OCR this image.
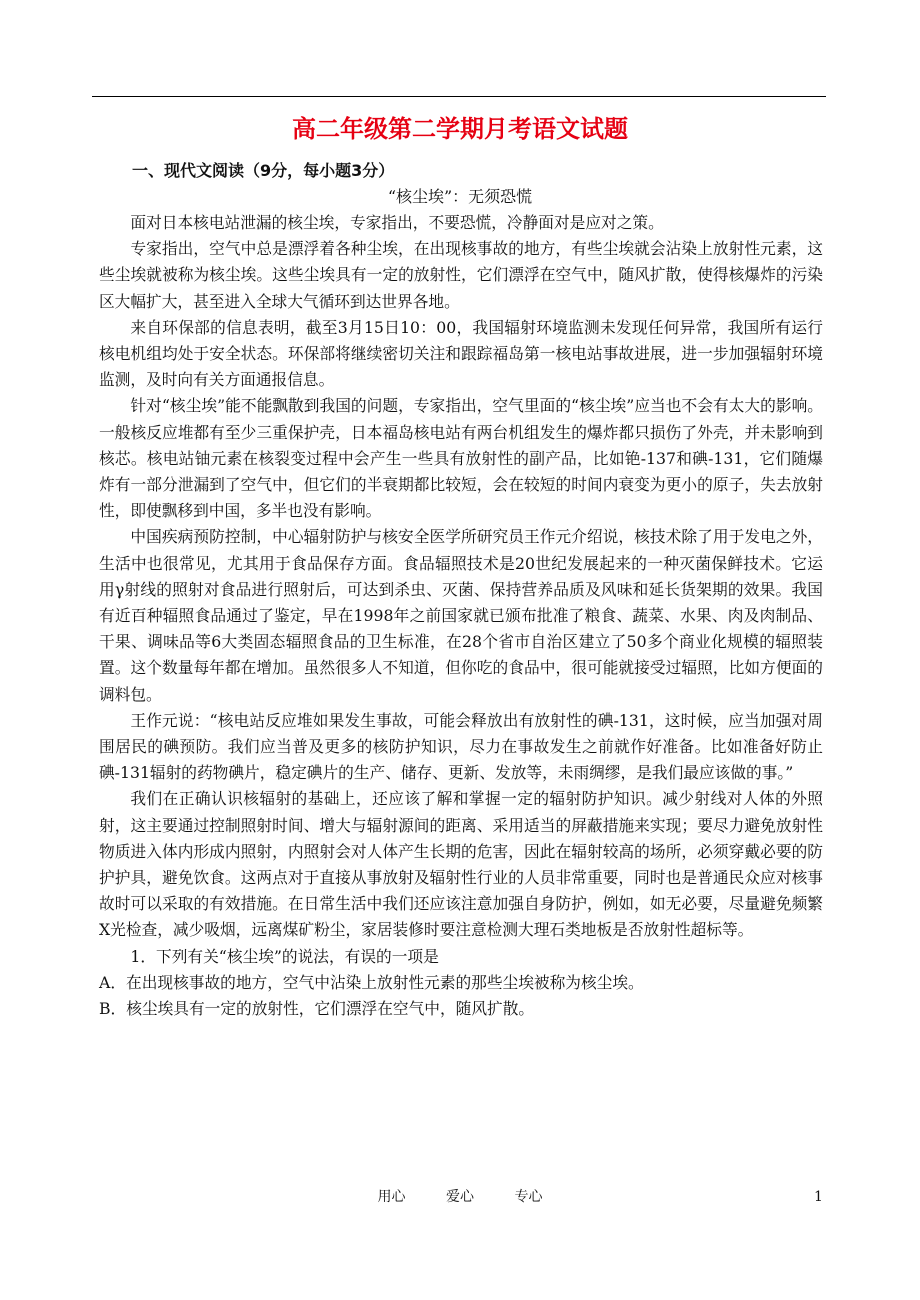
高二年级第二学期月考语文试题
一、现代文阅读（9分，每小题3分）
“核尘埃”：无须恐慌

面对日本核电站泄漏的核尘埃，专家指出，不要恐慌，冷静面对是应对之策。

专家指出，空气中总是漂浮着各种尘埃，在出现核事故的地方，有些尘埃就会沾染上放射性元素，这些尘埃就被称为核尘埃。这些尘埃具有一定的放射性，它们漂浮在空气中，随风扩散，使得核爆炸的污染区大幅扩大，甚至进入全球大气循环到达世界各地。

来自环保部的信息表明，截至3月15日10：00，我国辐射环境监测未发现任何异常，我国所有运行核电机组均处于安全状态。环保部将继续密切关注和跟踪福岛第一核电站事故进展，进一步加强辐射环境监测，及时向有关方面通报信息。

针对“核尘埃”能不能飘散到我国的问题，专家指出，空气里面的“核尘埃”应当也不会有太大的影响。一般核反应堆都有至少三重保护壳，日本福岛核电站有两台机组发生的爆炸都只损伤了外壳，并未影响到核芯。核电站铀元素在核裂变过程中会产生一些具有放射性的副产品，比如铯-137和碘-131，它们随爆炸有一部分泄漏到了空气中，但它们的半衰期都比较短，会在较短的时间内衰变为更小的原子，失去放射性，即使飘移到中国，多半也没有影响。

中国疾病预防控制，中心辐射防护与核安全医学所研究员王作元介绍说，核技术除了用于发电之外，生活中也很常见，尤其用于食品保存方面。食品辐照技术是20世纪发展起来的一种灭菌保鲜技术。它运用γ射线的照射对食品进行照射后，可达到杀虫、灭菌、保持营养品质及风味和延长货架期的效果。我国有近百种辐照食品通过了鉴定，早在1998年之前国家就已颁布批准了粮食、蔬菜、水果、肉及肉制品、干果、调味品等6大类固态辐照食品的卫生标准，在28个省市自治区建立了50多个商业化规模的辐照装置。这个数量每年都在增加。虽然很多人不知道，但你吃的食品中，很可能就接受过辐照，比如方便面的调料包。

王作元说：“核电站反应堆如果发生事故，可能会释放出有放射性的碘-131，这时候，应当加强对周围居民的碘预防。我们应当普及更多的核防护知识，尽力在事故发生之前就作好准备。比如准备好防止碘-131辐射的药物碘片，稳定碘片的生产、储存、更新、发放等，未雨绸缪，是我们最应该做的事。”

我们在正确认识核辐射的基础上，还应该了解和掌握一定的辐射防护知识。减少射线对人体的外照射，这主要通过控制照射时间、增大与辐射源间的距离、采用适当的屏蔽措施来实现；要尽力避免放射性物质进入体内形成内照射，内照射会对人体产生长期的危害，因此在辐射较高的场所，必须穿戴必要的防护护具，避免饮食。这两点对于直接从事放射及辐射性行业的人员非常重要，同时也是普通民众应对核事故时可以采取的有效措施。在日常生活中我们还应该注意加强自身防护，例如，如无必要，尽量避免频繁X光检查，减少吸烟，远离煤矿粉尘，家居装修时要注意检测大理石类地板是否放射性超标等。

1．下列有关“核尘埃”的说法，有误的一项是

A．在出现核事故的地方，空气中沾染上放射性元素的那些尘埃被称为核尘埃。

B．核尘埃具有一定的放射性，它们漂浮在空气中，随风扩散。

用心	爱心	专心	1
